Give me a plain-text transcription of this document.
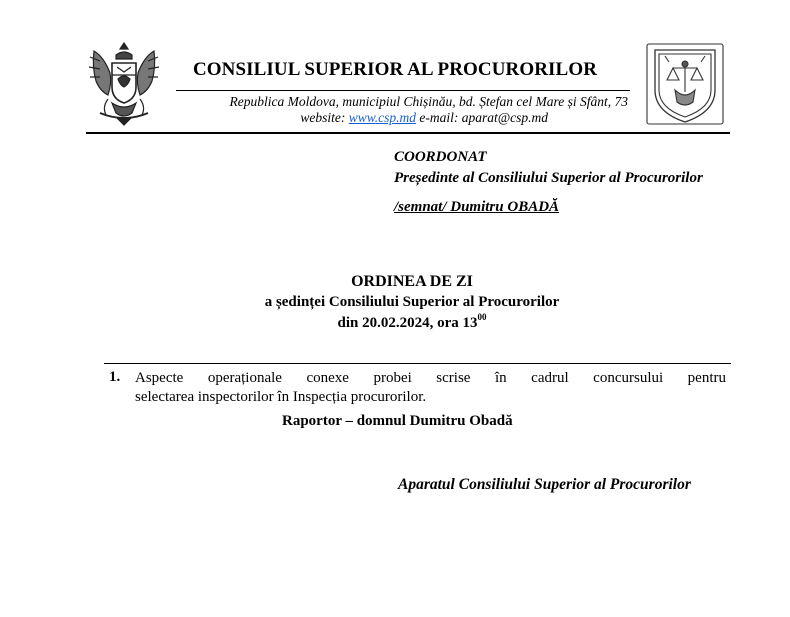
CONSILIUL SUPERIOR AL PROCURORILOR
Republica Moldova, municipiul Chișinău, bd. Ștefan cel Mare și Sfânt, 73
website: www.csp.md e-mail: aparat@csp.md
COORDONAT
Președinte al Consiliului Superior al Procurorilor
/semnat/ Dumitru OBADĂ
ORDINEA DE ZI
a ședinței Consiliului Superior al Procurorilor
din 20.02.2024, ora $13^{00}$
1. Aspecte operaționale conexe probei scrise în cadrul concursului pentru
selectarea inspectorilor în Inspecția procurorilor.
Raportor – domnul Dumitru Obadă
Aparatul Consiliului Superior al Procurorilor
